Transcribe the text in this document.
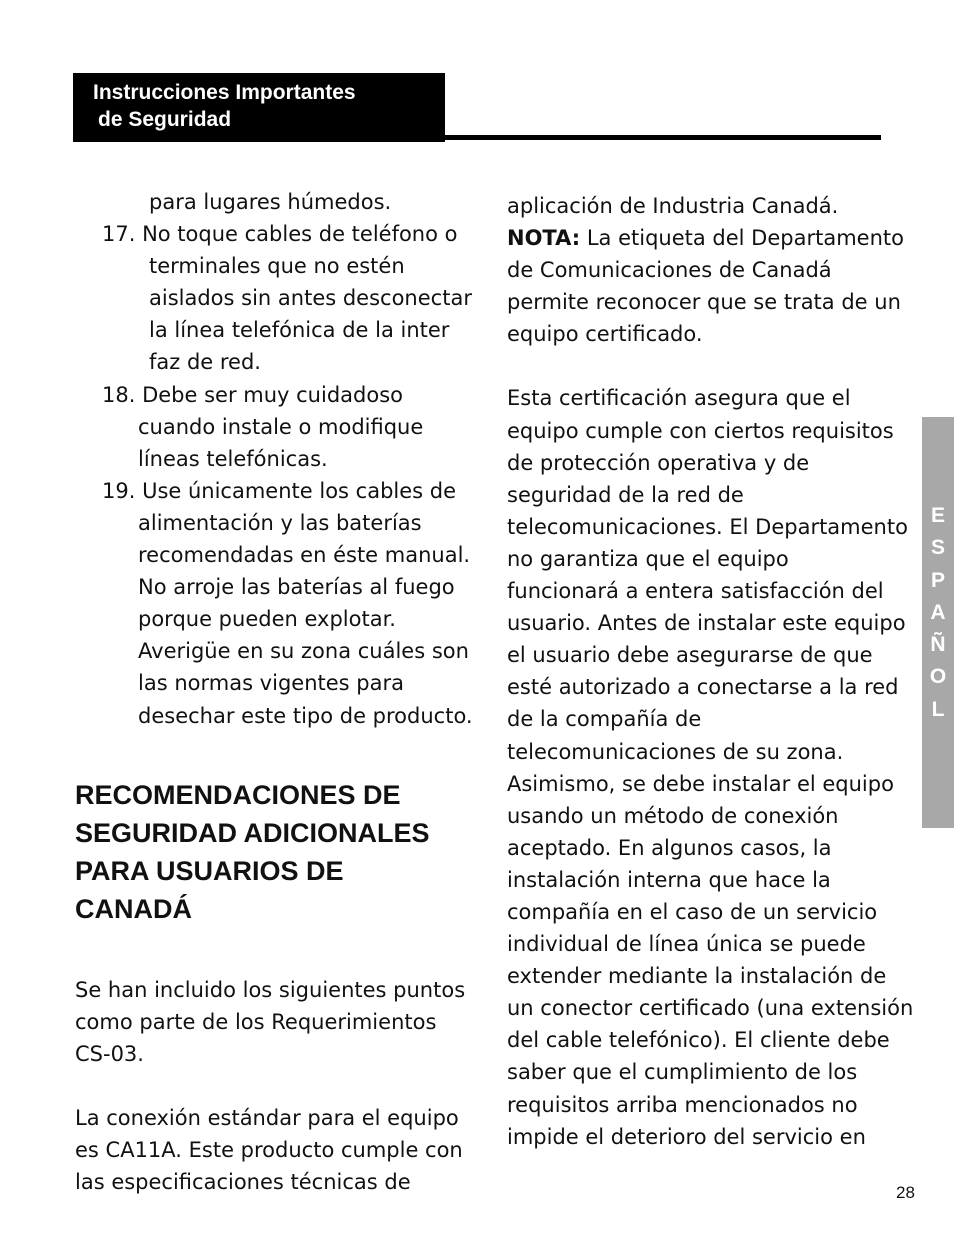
Instrucciones Importantes

de Seguridad
para lugares húmedos.
17. No toque cables de teléfono o
terminales que no estén
aislados sin antes desconectar
la línea telefónica de la inter
faz de red.
18. Debe ser muy cuidadoso
cuando instale o modifique
líneas telefónicas.
19. Use únicamente los cables de
alimentación y las baterías
recomendadas en éste manual.
No arroje las baterías al fuego
porque pueden explotar.
Averigüe en su zona cuáles son
las normas vigentes para
desechar este tipo de producto.
RECOMENDACIONES DE
SEGURIDAD ADICIONALES
PARA USUARIOS DE
CANADÁ
Se han incluido los siguientes puntos
como parte de los Requerimientos
CS-03.
La conexión estándar para el equipo
es CA11A. Este producto cumple con
las especificaciones técnicas de
aplicación de Industria Canadá.
NOTA: La etiqueta del Departamento
de Comunicaciones de Canadá
permite reconocer que se trata de un
equipo certificado.
Esta certificación asegura que el
equipo cumple con ciertos requisitos
de protección operativa y de
seguridad de la red de
telecomunicaciones. El Departamento
no garantiza que el equipo
funcionará a entera satisfacción del
usuario. Antes de instalar este equipo
el usuario debe asegurarse de que
esté autorizado a conectarse a la red
de la compañía de
telecomunicaciones de su zona.
Asimismo, se debe instalar el equipo
usando un método de conexión
aceptado. En algunos casos, la
instalación interna que hace la
compañía en el caso de un servicio
individual de línea única se puede
extender mediante la instalación de
un conector certificado (una extensión
del cable telefónico). El cliente debe
saber que el cumplimiento de los
requisitos arriba mencionados no
impide el deterioro del servicio en
E
S
P
A
Ñ
O
L
28
